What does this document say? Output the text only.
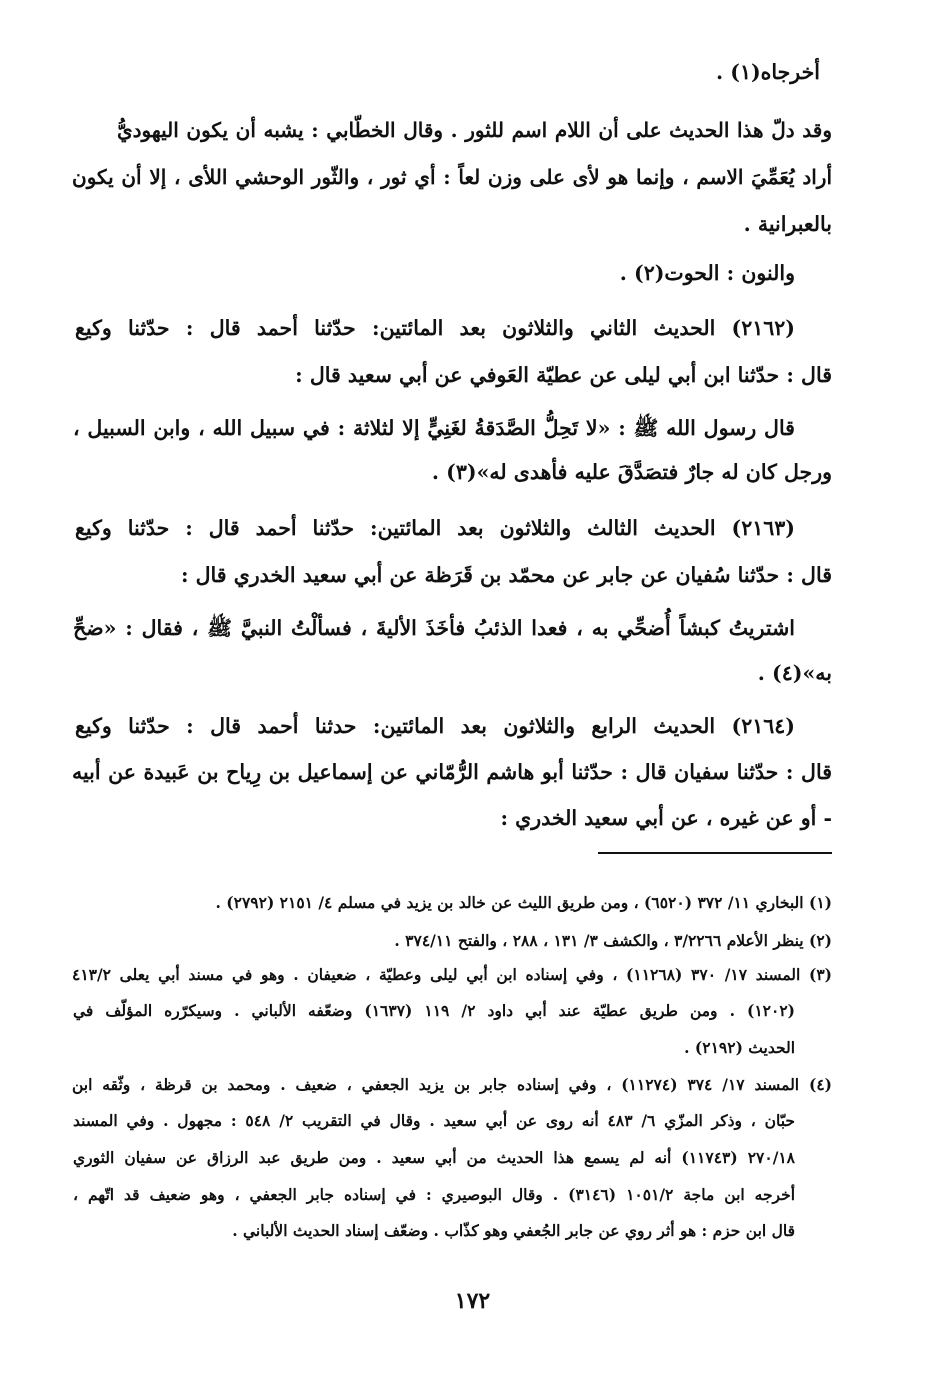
أخرجاه(١) .
وقد دلّ هذا الحديث على أن اللام اسم للثور . وقال الخطّابي : يشبه أن يكون اليهوديُّ
أراد يُعَمِّيَ الاسم ، وإنما هو لأى على وزن لعاً : أي ثور ، والثّور الوحشي اللأى ، إلا أن يكون
بالعبرانية .
والنون : الحوت(٢) .
(٢١٦٢) الحديث الثاني والثلاثون بعد المائتين: حدّثنا أحمد قال : حدّثنا وكيع
قال : حدّثنا ابن أبي ليلى عن عطيّة العَوفي عن أبي سعيد قال :
قال رسول الله ﷺ : «لا تَحِلُّ الصَّدَقةُ لغَنِيٍّ إلا لثلاثة : في سبيل الله ، وابن السبيل ،
ورجل كان له جارٌ فتصَدَّقَ عليه فأهدى له»(٣) .
(٢١٦٣) الحديث الثالث والثلاثون بعد المائتين: حدّثنا أحمد قال : حدّثنا وكيع
قال : حدّثنا سُفيان عن جابر عن محمّد بن قَرَظة عن أبي سعيد الخدري قال :
اشتريتُ كبشاً أُضحِّي به ، فعدا الذئبُ فأخَذَ الأليةَ ، فسألْتُ النبيَّ ﷺ ، فقال : «ضحِّ
به»(٤) .
(٢١٦٤) الحديث الرابع والثلاثون بعد المائتين: حدثنا أحمد قال : حدّثنا وكيع
قال : حدّثنا سفيان قال : حدّثنا أبو هاشم الرُّمّاني عن إسماعيل بن رِياح بن عَبيدة عن أبيه
- أو عن غيره ، عن أبي سعيد الخدري :
(١) البخاري ١١/ ٣٧٢ (٦٥٢٠) ، ومن طريق الليث عن خالد بن يزيد في مسلم ٤/ ٢١٥١ (٢٧٩٢) .
(٢) ينظر الأعلام ٣/٢٢٦٦ ، والكشف ٣/ ١٣١ ، ٢٨٨ ، والفتح ٣٧٤/١١ .
(٣) المسند ١٧/ ٣٧٠ (١١٢٦٨) ، وفي إسناده ابن أبي ليلى وعطيّة ، ضعيفان . وهو في مسند أبي يعلى ٤١٣/٢
(١٢٠٢) . ومن طريق عطيّة عند أبي داود ٢/ ١١٩ (١٦٣٧) وضعّفه الألباني . وسيكرّره المؤلّف في
الحديث (٢١٩٢) .
(٤) المسند ١٧/ ٣٧٤ (١١٢٧٤) ، وفي إسناده جابر بن يزيد الجعفي ، ضعيف . ومحمد بن قرظة ، وثّقه ابن
حبّان ، وذكر المزّي ٦/ ٤٨٣ أنه روى عن أبي سعيد . وقال في التقريب ٢/ ٥٤٨ : مجهول . وفي المسند
٢٧٠/١٨ (١١٧٤٣) أنه لم يسمع هذا الحديث من أبي سعيد . ومن طريق عبد الرزاق عن سفيان الثوري
أخرجه ابن ماجة ١٠٥١/٢ (٣١٤٦) . وقال البوصيري : في إسناده جابر الجعفي ، وهو ضعيف قد اتّهم ،
قال ابن حزم : هو أثر روي عن جابر الجُعفي وهو كذّاب . وضعّف إسناد الحديث الألباني .
١٧٢
